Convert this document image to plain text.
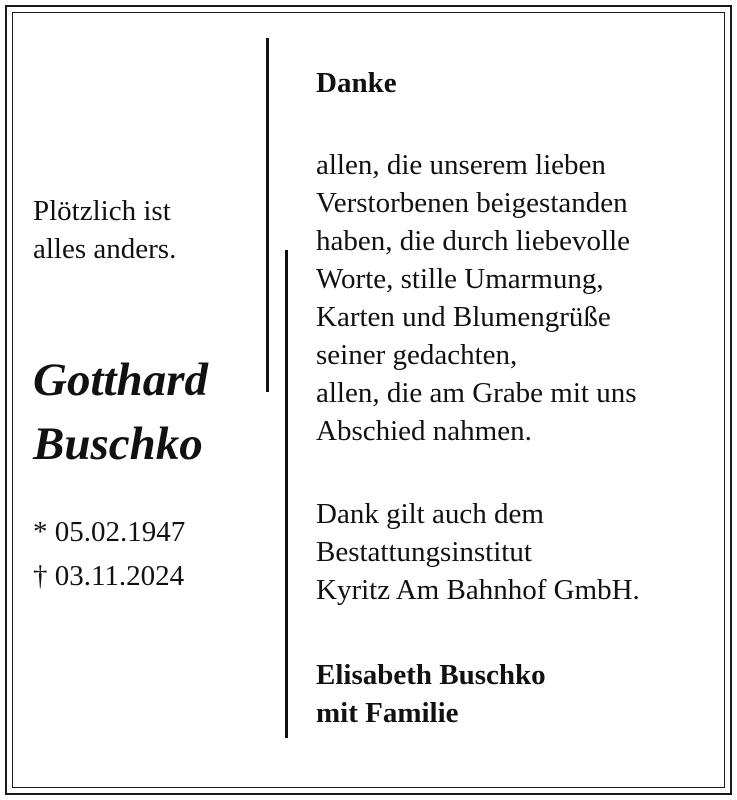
Plötzlich ist
alles anders.
Gotthard
Buschko
* 05.02.1947
† 03.11.2024
Danke
allen, die unserem lieben
Verstorbenen beigestanden
haben, die durch liebevolle
Worte, stille Umarmung,
Karten und Blumengrüße
seiner gedachten,
allen, die am Grabe mit uns
Abschied nahmen.
Dank gilt auch dem
Bestattungsinstitut
Kyritz Am Bahnhof GmbH.
Elisabeth Buschko
mit Familie
